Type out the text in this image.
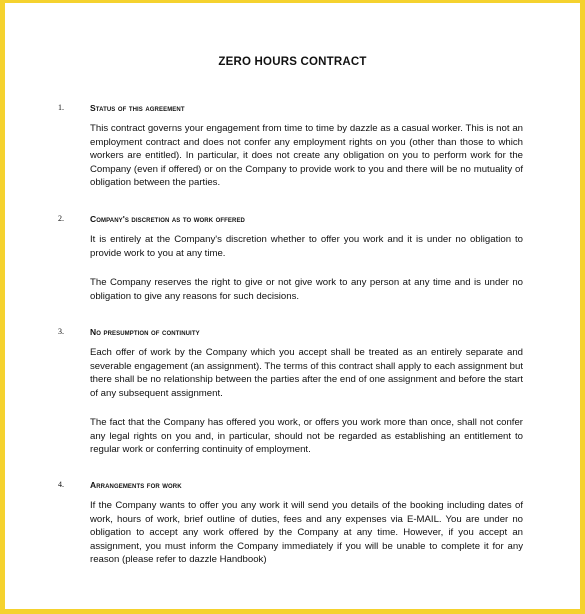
ZERO HOURS CONTRACT
1.	Status of this agreement

This contract governs your engagement from time to time by dazzle as a casual worker. This is not an employment contract and does not confer any employment rights on you (other than those to which workers are entitled). In particular, it does not create any obligation on you to perform work for the Company (even if offered) or on the Company to provide work to you and there will be no mutuality of obligation between the parties.

2.	Company's discretion as to work offered

It is entirely at the Company's discretion whether to offer you work and it is under no obligation to provide work to you at any time.

The Company reserves the right to give or not give work to any person at any time and is under no obligation to give any reasons for such decisions.

3.	No presumption of continuity

Each offer of work by the Company which you accept shall be treated as an entirely separate and severable engagement (an assignment). The terms of this contract shall apply to each assignment but there shall be no relationship between the parties after the end of one assignment and before the start of any subsequent assignment.

The fact that the Company has offered you work, or offers you work more than once, shall not confer any legal rights on you and, in particular, should not be regarded as establishing an entitlement to regular work or conferring continuity of employment.

4.	Arrangements for work

If the Company wants to offer you any work it will send you details of the booking including dates of work, hours of work, brief outline of duties, fees and any expenses via E-MAIL. You are under no obligation to accept any work offered by the Company at any time. However, if you accept an assignment, you must inform the Company immediately if you will be unable to complete it for any reason (please refer to dazzle Handbook)
